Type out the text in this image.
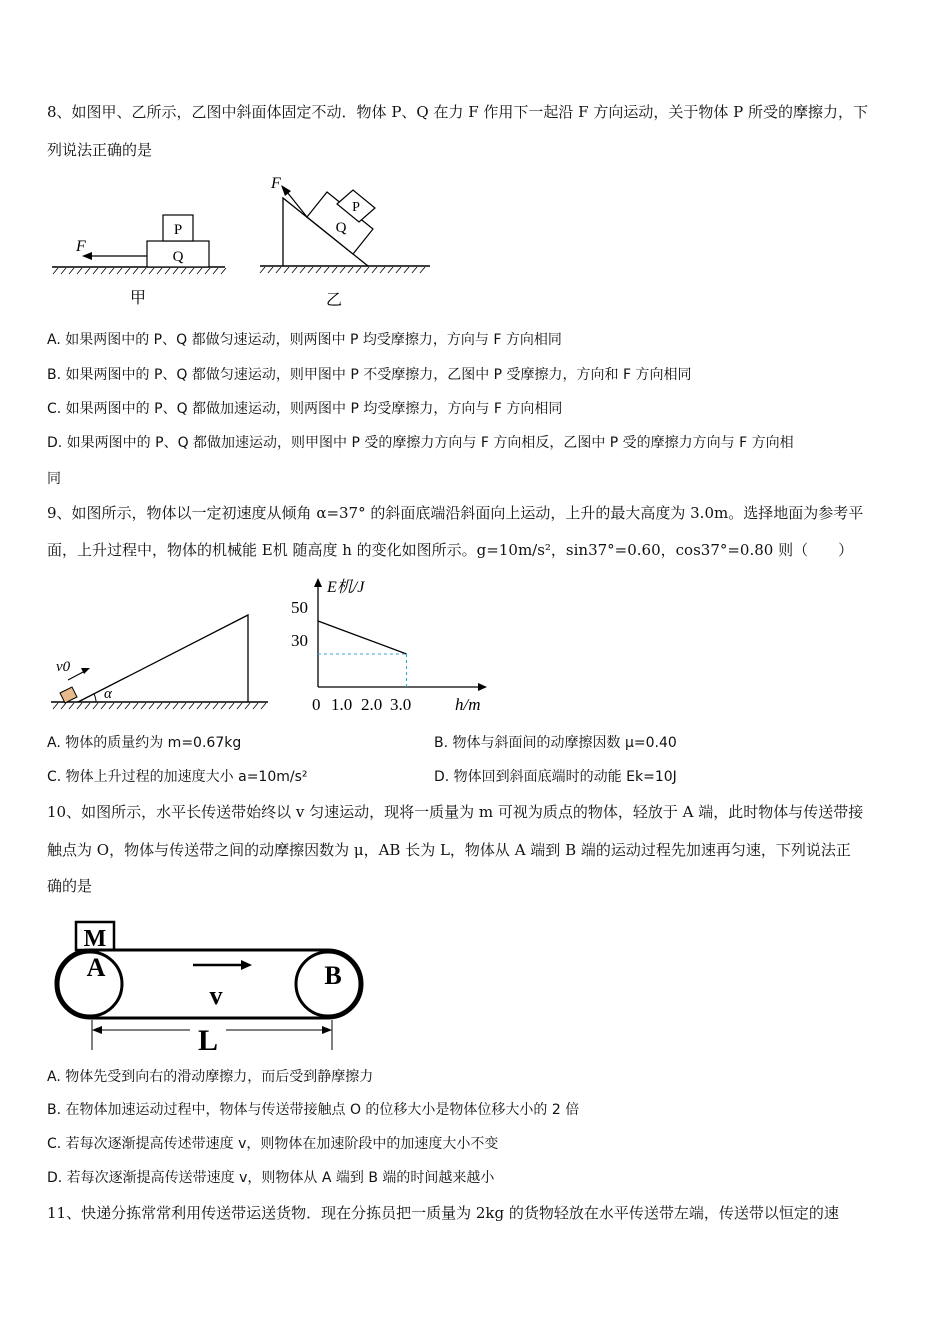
8、如图甲、乙所示，乙图中斜面体固定不动．物体 P、Q 在力 F 作用下一起沿 F 方向运动，关于物体 P 所受的摩擦力，下
列说法正确的是
P
Q
F
甲
Q
P
F
乙
A. 如果两图中的 P、Q 都做匀速运动，则两图中 P 均受摩擦力，方向与 F 方向相同
B. 如果两图中的 P、Q 都做匀速运动，则甲图中 P 不受摩擦力，乙图中 P 受摩擦力，方向和 F 方向相同
C. 如果两图中的 P、Q 都做加速运动，则两图中 P 均受摩擦力，方向与 F 方向相同
D. 如果两图中的 P、Q 都做加速运动，则甲图中 P 受的摩擦力方向与 F 方向相反，乙图中 P 受的摩擦力方向与 F 方向相
同
9、如图所示，物体以一定初速度从倾角 α=37° 的斜面底端沿斜面向上运动，上升的最大高度为 3.0m。选择地面为参考平
面，上升过程中，物体的机械能 E机 随高度 h 的变化如图所示。g=10m/s²，sin37°=0.60，cos37°=0.80 则（　　）
α
v0
50
30
0 1.0 2.0 3.0
E机/J
h/m
A. 物体的质量约为 m=0.67kg	B. 物体与斜面间的动摩擦因数 μ=0.40
C. 物体上升过程的加速度大小 a=10m/s²	D. 物体回到斜面底端时的动能 Ek=10J
10、如图所示，水平长传送带始终以 v 匀速运动，现将一质量为 m 可视为质点的物体，轻放于 A 端，此时物体与传送带接
触点为 O，物体与传送带之间的动摩擦因数为 μ，AB 长为 L，物体从 A 端到 B 端的运动过程先加速再匀速，下列说法正
确的是
M
A	B
v
L
A. 物体先受到向右的滑动摩擦力，而后受到静摩擦力
B. 在物体加速运动过程中，物体与传送带接触点 O 的位移大小是物体位移大小的 2 倍
C. 若每次逐渐提高传述带速度 v，则物体在加速阶段中的加速度大小不变
D. 若每次逐渐提高传送带速度 v，则物体从 A 端到 B 端的时间越来越小
11、快递分拣常常利用传送带运送货物．现在分拣员把一质量为 2kg 的货物轻放在水平传送带左端，传送带以恒定的速
